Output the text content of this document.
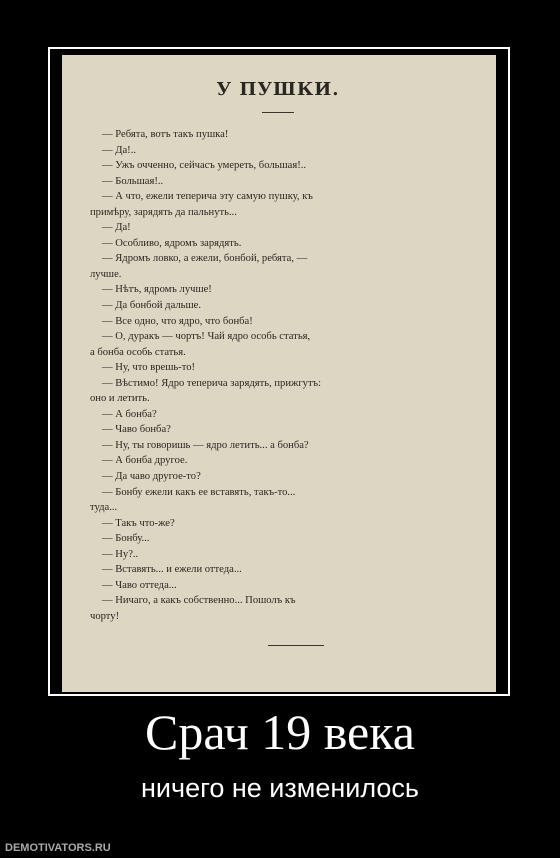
У ПУШКИ.
— Ребята, вотъ такъ пушка!
— Да!..
— Ужъ очченно, сейчасъ умереть, большая!..
— Большая!..
— А что, ежели теперича эту самую пушку, къ
примѣру, зарядять да пальнуть...
— Да!
— Особливо, ядромъ зарядять.
— Ядромъ ловко, а ежели, бонбой, ребята, —
лучше.
— Нѣтъ, ядромъ лучше!
— Да бонбой дальше.
— Все одно, что ядро, что бонба!
— О, дуракъ — чортъ! Чай ядро особь статья,
а бонба особь статья.
— Ну, что врешь-то!
— Вѣстимо! Ядро теперича зарядять, прижгутъ:
оно и летить.
— А бонба?
— Чаво бонба?
— Ну, ты говоришь — ядро летить... а бонба?
— А бонба другое.
— Да чаво другое-то?
— Бонбу ежели какъ ее вставять, такъ-то...
туда...
— Такъ что-же?
— Бонбу...
— Ну?..
— Вставять... и ежели оттеда...
— Чаво оттеда...
— Ничаго, а какъ собственно... Пошолъ къ
чорту!
Срач 19 века
ничего не изменилось
DEMOTIVATORS.RU
